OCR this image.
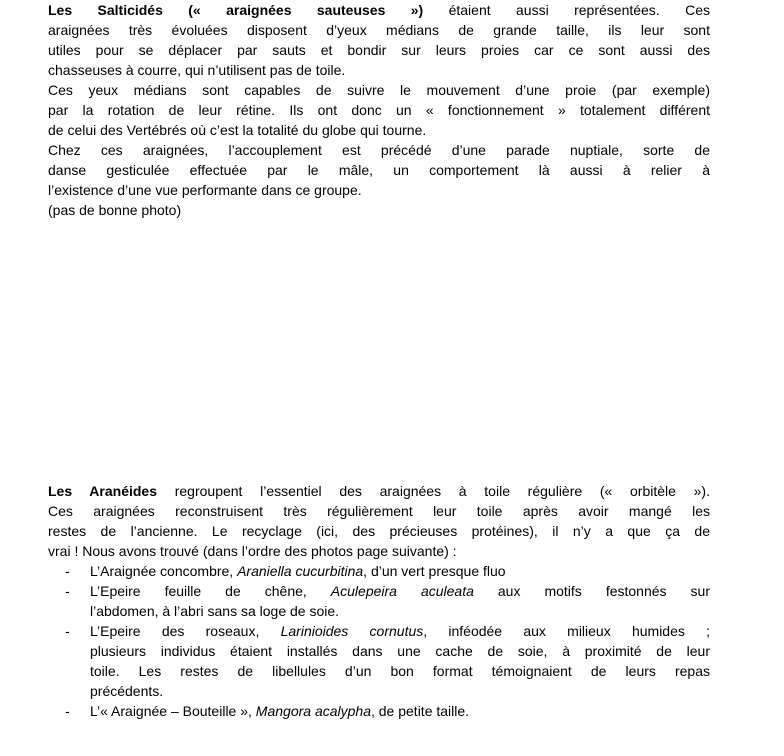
Les Salticidés (« araignées sauteuses ») étaient aussi représentées. Ces
araignées très évoluées disposent d’yeux médians de grande taille, ils leur sont
utiles pour se déplacer par sauts et bondir sur leurs proies car ce sont aussi des
chasseuses à courre, qui n’utilisent pas de toile.
Ces yeux médians sont capables de suivre le mouvement d’une proie (par exemple)
par la rotation de leur rétine. Ils ont donc un « fonctionnement » totalement différent
de celui des Vertébrés où c’est la totalité du globe qui tourne.
Chez ces araignées, l’accouplement est précédé d’une parade nuptiale, sorte de
danse gesticulée effectuée par le mâle, un comportement là aussi à relier à
l’existence d’une vue performante dans ce groupe.
(pas de bonne photo)
Les Aranéides regroupent l’essentiel des araignées à toile régulière (« orbitèle »).
Ces araignées reconstruisent très régulièrement leur toile après avoir mangé les
restes de l’ancienne. Le recyclage (ici, des précieuses protéines), il n’y a que ça de
vrai ! Nous avons trouvé (dans l’ordre des photos page suivante) :
- L’Araignée concombre, Araniella cucurbitina, d’un vert presque fluo
- L’Epeire feuille de chêne, Aculepeira aculeata aux motifs festonnés sur
l’abdomen, à l’abri sans sa loge de soie.
- L’Epeire des roseaux, Larinioides cornutus, inféodée aux milieux humides ;
plusieurs individus étaient installés dans une cache de soie, à proximité de leur
toile. Les restes de libellules d’un bon format témoignaient de leurs repas
précédents.
- L’« Araignée – Bouteille », Mangora acalypha, de petite taille.
